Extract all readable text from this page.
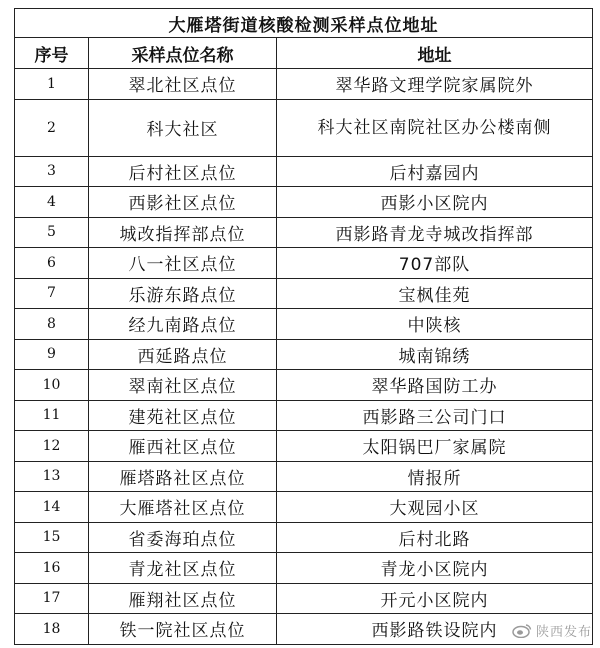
大雁塔街道核酸检测采样点位地址		
序号	采样点位名称	地址
1	翠北社区点位	翠华路文理学院家属院外
2	科大社区	科大社区南院社区办公楼南侧
3	后村社区点位	后村嘉园内
4	西影社区点位	西影小区院内
5	城改指挥部点位	西影路青龙寺城改指挥部
6	八一社区点位	707部队
7	乐游东路点位	宝枫佳苑
8	经九南路点位	中陕核
9	西延路点位	城南锦绣
10	翠南社区点位	翠华路国防工办
11	建苑社区点位	西影路三公司门口
12	雁西社区点位	太阳锅巴厂家属院
13	雁塔路社区点位	情报所
14	大雁塔社区点位	大观园小区
15	省委海珀点位	后村北路
16	青龙社区点位	青龙小区院内
17	雁翔社区点位	开元小区院内
18	铁一院社区点位	西影路铁设院内	陕西发布
